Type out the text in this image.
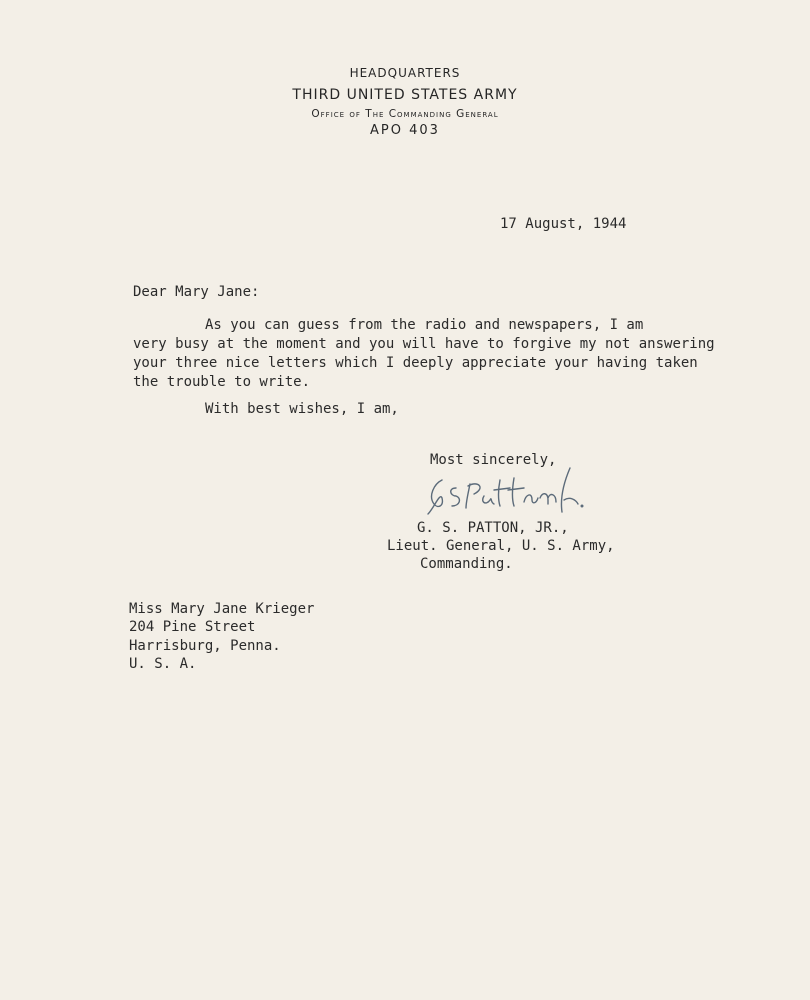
HEADQUARTERS
THIRD UNITED STATES ARMY
Office of The Commanding General
APO 403
17 August, 1944
Dear Mary Jane:
As you can guess from the radio and newspapers, I am
very busy at the moment and you will have to forgive my not answering
your three nice letters which I deeply appreciate your having taken
the trouble to write.
With best wishes, I am,
Most sincerely,
G. S. PATTON, JR.,
Lieut. General, U. S. Army,
Commanding.
Miss Mary Jane Krieger
204 Pine Street
Harrisburg, Penna.
U. S. A.
